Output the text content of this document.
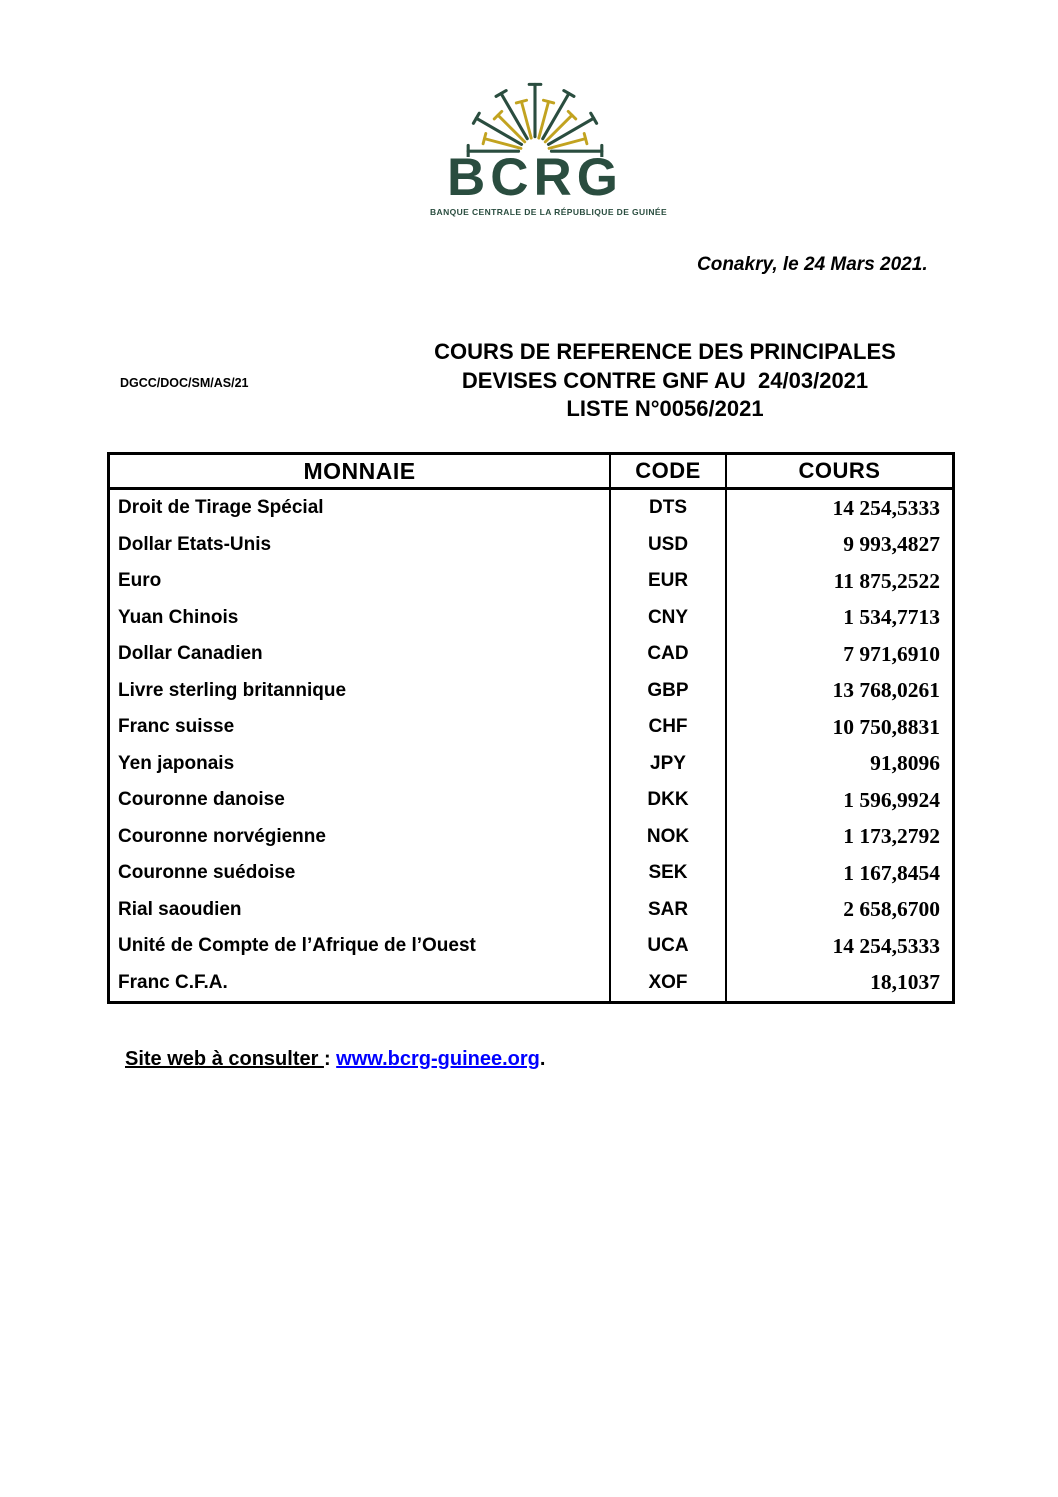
BCRG
BANQUE CENTRALE DE LA RÉPUBLIQUE DE GUINÉE
Conakry, le 24 Mars 2021.
DGCC/DOC/SM/AS/21
COURS DE REFERENCE DES PRINCIPALES
DEVISES CONTRE GNF AU  24/03/2021
LISTE N°0056/2021
MONNAIE	CODE	COURS
Droit de Tirage Spécial	DTS	14 254,5333
Dollar Etats-Unis	USD	9 993,4827
Euro	EUR	11 875,2522
Yuan Chinois	CNY	1 534,7713
Dollar Canadien	CAD	7 971,6910
Livre sterling britannique	GBP	13 768,0261
Franc suisse	CHF	10 750,8831
Yen japonais	JPY	91,8096
Couronne danoise	DKK	1 596,9924
Couronne norvégienne	NOK	1 173,2792
Couronne suédoise	SEK	1 167,8454
Rial saoudien	SAR	2 658,6700
Unité de Compte de l’Afrique de l’Ouest	UCA	14 254,5333
Franc C.F.A.	XOF	18,1037
Site web à consulter : www.bcrg-guinee.org.
